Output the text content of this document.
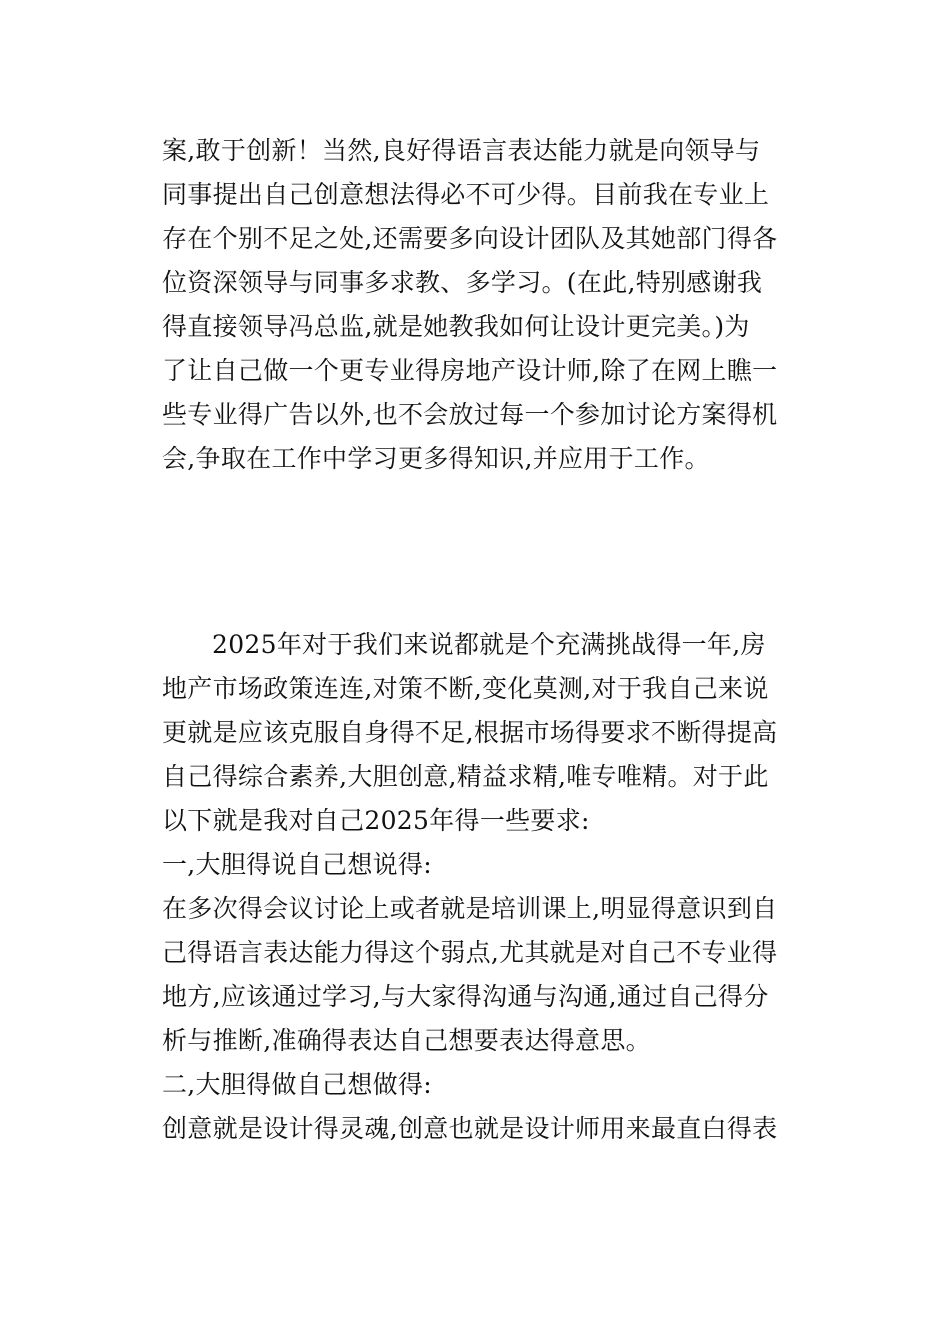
案,敢于创新！当然,良好得语言表达能力就是向领导与
同事提出自己创意想法得必不可少得。目前我在专业上
存在个别不足之处,还需要多向设计团队及其她部门得各
位资深领导与同事多求教、多学习。(在此,特别感谢我
得直接领导冯总监,就是她教我如何让设计更完美。)为
了让自己做一个更专业得房地产设计师,除了在网上瞧一
些专业得广告以外,也不会放过每一个参加讨论方案得机
会,争取在工作中学习更多得知识,并应用于工作。
2025年对于我们来说都就是个充满挑战得一年,房
地产市场政策连连,对策不断,变化莫测,对于我自己来说
更就是应该克服自身得不足,根据市场得要求不断得提高
自己得综合素养,大胆创意,精益求精,唯专唯精。对于此
以下就是我对自己2025年得一些要求:
一,大胆得说自己想说得:
在多次得会议讨论上或者就是培训课上,明显得意识到自
己得语言表达能力得这个弱点,尤其就是对自己不专业得
地方,应该通过学习,与大家得沟通与沟通,通过自己得分
析与推断,准确得表达自己想要表达得意思。
二,大胆得做自己想做得:
创意就是设计得灵魂,创意也就是设计师用来最直白得表
